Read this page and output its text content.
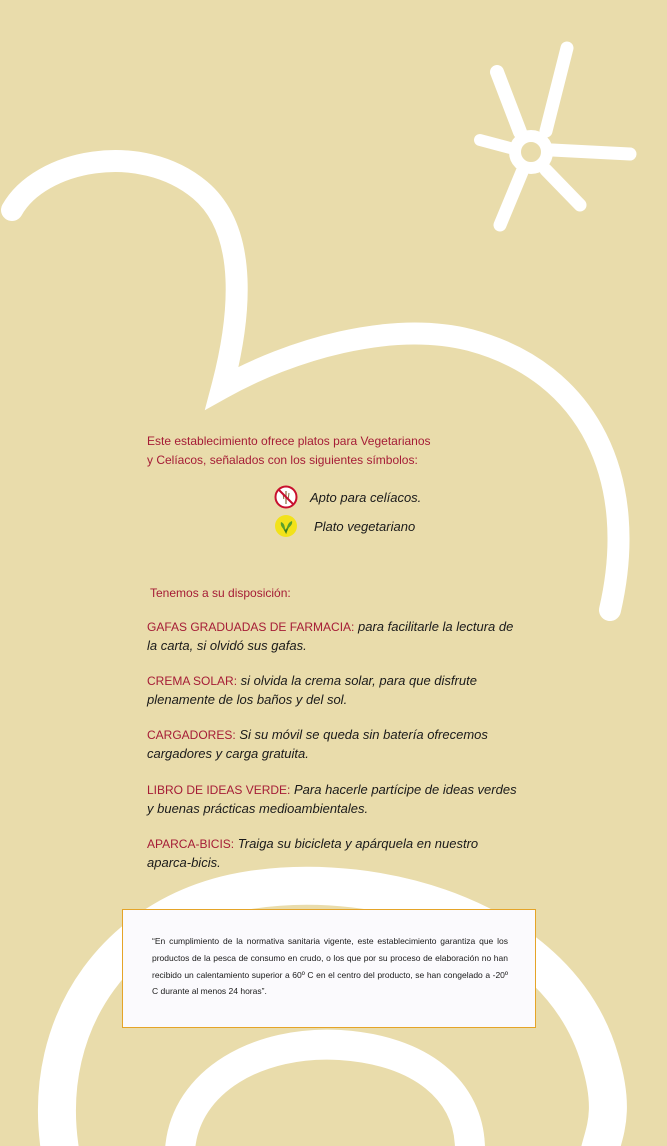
Este establecimiento ofrece platos para Vegetarianos
y Celíacos, señalados con los siguientes símbolos:
Apto para celíacos.
Plato vegetariano
Tenemos a su disposición:
GAFAS GRADUADAS DE FARMACIA: para facilitarle la lectura de la carta, si olvidó sus gafas.
CREMA SOLAR: si olvida la crema solar, para que disfrute plenamente de los baños y del sol.
CARGADORES: Si su móvil se queda sin batería ofrecemos cargadores y carga gratuita.
LIBRO DE IDEAS VERDE: Para hacerle partícipe de ideas verdes y buenas prácticas medioambientales.
APARCA-BICIS: Traiga su bicicleta y apárquela en nuestro aparca-bicis.
“En cumplimiento de la normativa sanitaria vigente, este establecimiento garantiza que los productos de la pesca de consumo en crudo, o los que por su proceso de elaboración no han recibido un calentamiento superior a 60º C en el centro del producto, se han congelado a -20º C durante al menos 24 horas”.
